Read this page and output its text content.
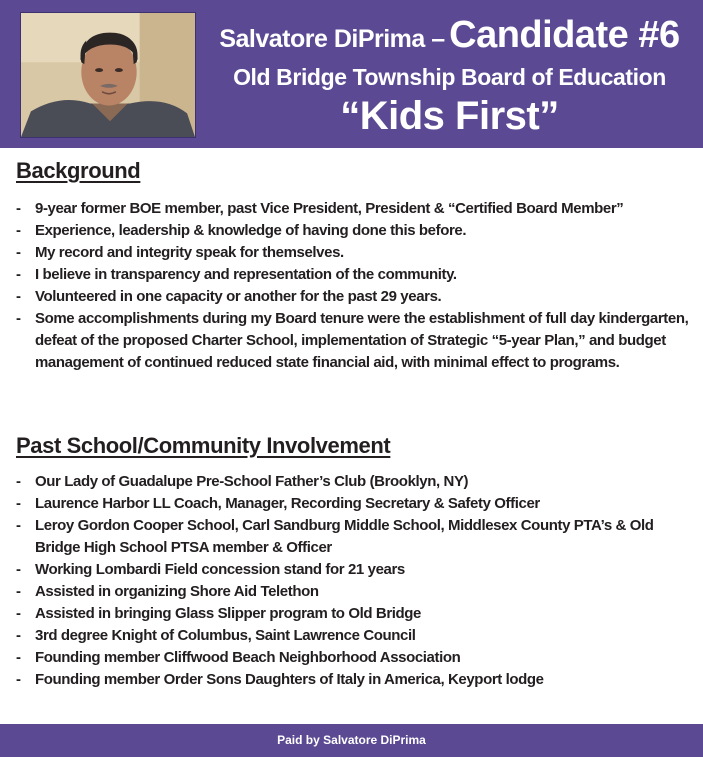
Salvatore DiPrima – Candidate #6
Old Bridge Township Board of Education
“Kids First”
Background
- 9-year former BOE member, past Vice President, President & “Certified Board Member”
- Experience, leadership & knowledge of having done this before.
- My record and integrity speak for themselves.
- I believe in transparency and representation of the community.
- Volunteered in one capacity or another for the past 29 years.
- Some accomplishments during my Board tenure were the establishment of full day kindergarten, defeat of the proposed Charter School, implementation of Strategic “5-year Plan,” and budget management of continued reduced state financial aid, with minimal effect to programs.
Past School/Community Involvement
- Our Lady of Guadalupe Pre-School Father’s Club (Brooklyn, NY)
- Laurence Harbor LL Coach, Manager, Recording Secretary & Safety Officer
- Leroy Gordon Cooper School, Carl Sandburg Middle School, Middlesex County PTA’s & Old Bridge High School PTSA member & Officer
- Working Lombardi Field concession stand for 21 years
- Assisted in organizing Shore Aid Telethon
- Assisted in bringing Glass Slipper program to Old Bridge
- 3rd degree Knight of Columbus, Saint Lawrence Council
- Founding member Cliffwood Beach Neighborhood Association
- Founding member Order Sons Daughters of Italy in America, Keyport lodge
Paid by Salvatore DiPrima
